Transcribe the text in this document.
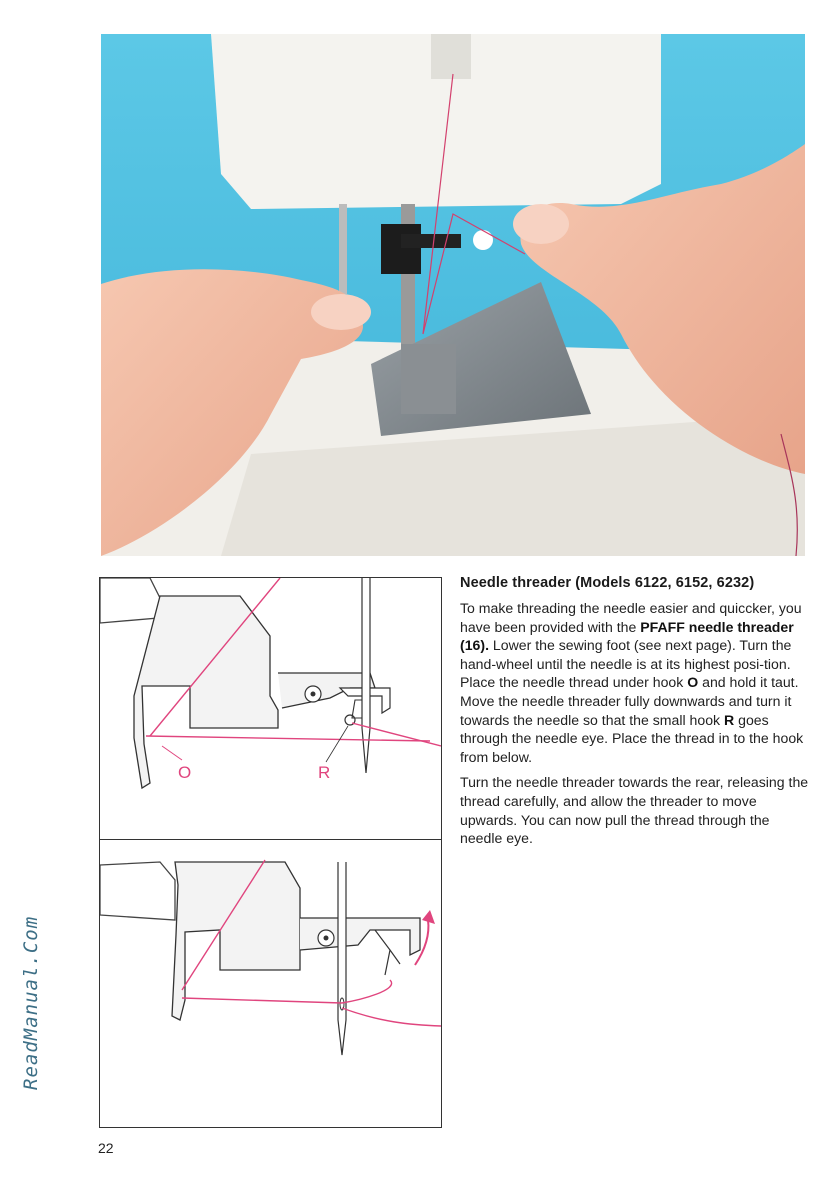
O	R
Needle threader (Models 6122, 6152, 6232)

To make threading the needle easier and quiccker, you have been provided with the PFAFF needle threader (16). Lower the sewing foot (see next page). Turn the hand-wheel until the needle is at its highest posi-tion. Place the needle thread under hook O and hold it taut. Move the needle threader fully downwards and turn it towards the needle so that the small hook R goes through the needle eye. Place the thread in to the hook from below.

Turn the needle threader towards the rear, releasing the thread carefully, and allow the threader to move upwards. You can now pull the thread through the needle eye.

22
ReadManual.Com
